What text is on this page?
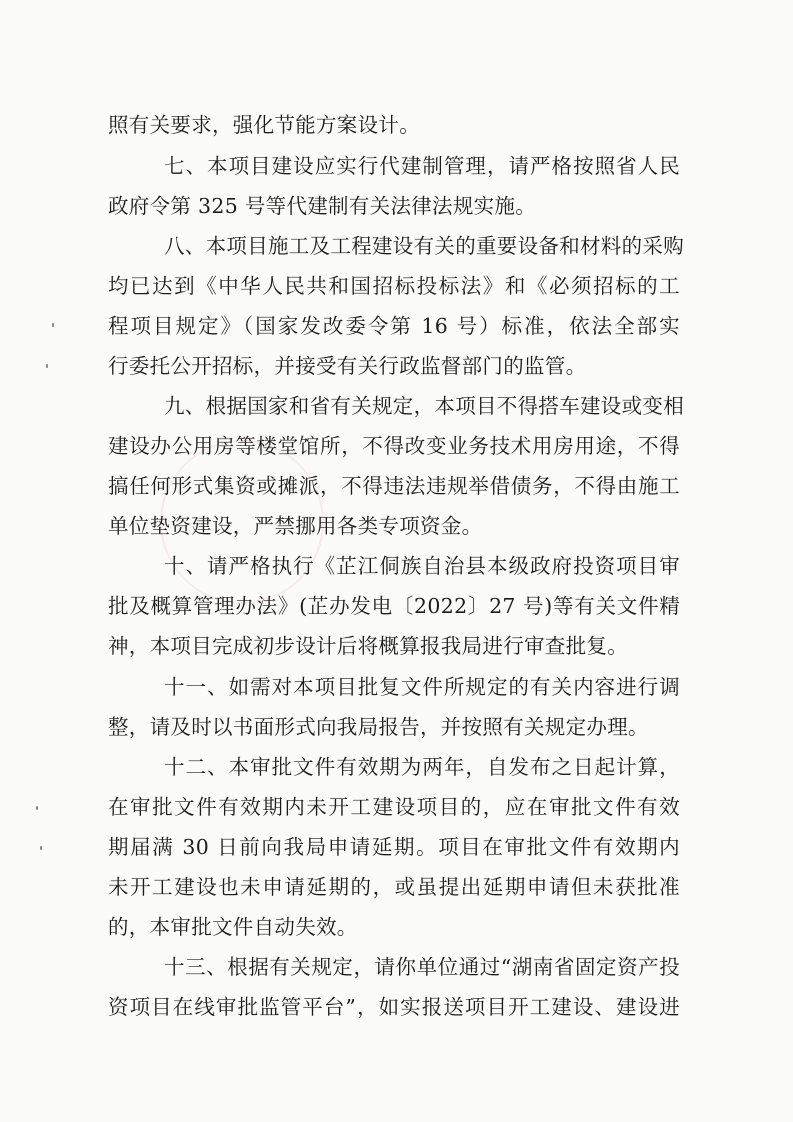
照有关要求，强化节能方案设计。
七、本项目建设应实行代建制管理，请严格按照省人民
政府令第 325 号等代建制有关法律法规实施。
八、本项目施工及工程建设有关的重要设备和材料的采购
均已达到《中华人民共和国招标投标法》和《必须招标的工
程项目规定》（国家发改委令第 16 号）标准，依法全部实
行委托公开招标，并接受有关行政监督部门的监管。
九、根据国家和省有关规定，本项目不得搭车建设或变相
建设办公用房等楼堂馆所，不得改变业务技术用房用途，不得
搞任何形式集资或摊派，不得违法违规举借债务，不得由施工
单位垫资建设，严禁挪用各类专项资金。
十、请严格执行《芷江侗族自治县本级政府投资项目审
批及概算管理办法》(芷办发电〔2022〕27 号)等有关文件精
神，本项目完成初步设计后将概算报我局进行审查批复。
十一、如需对本项目批复文件所规定的有关内容进行调
整，请及时以书面形式向我局报告，并按照有关规定办理。
十二、本审批文件有效期为两年，自发布之日起计算，
在审批文件有效期内未开工建设项目的，应在审批文件有效
期届满 30 日前向我局申请延期。项目在审批文件有效期内
未开工建设也未申请延期的，或虽提出延期申请但未获批准
的，本审批文件自动失效。
十三、根据有关规定，请你单位通过“湖南省固定资产投
资项目在线审批监管平台”，如实报送项目开工建设、建设进
